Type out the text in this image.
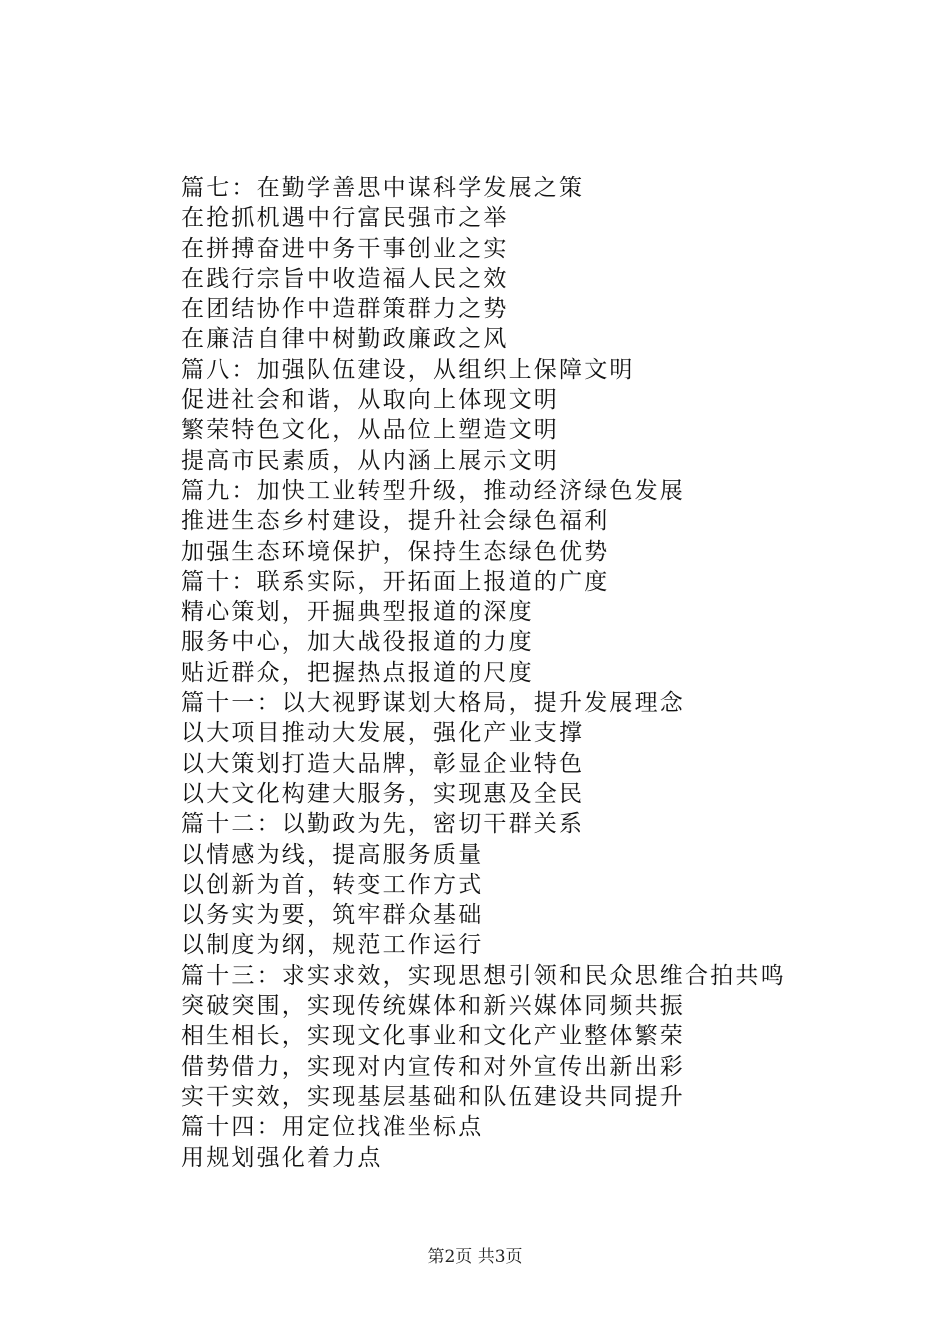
篇七：在勤学善思中谋科学发展之策
在抢抓机遇中行富民强市之举
在拼搏奋进中务干事创业之实
在践行宗旨中收造福人民之效
在团结协作中造群策群力之势
在廉洁自律中树勤政廉政之风
篇八：加强队伍建设，从组织上保障文明
促进社会和谐，从取向上体现文明
繁荣特色文化，从品位上塑造文明
提高市民素质，从内涵上展示文明
篇九：加快工业转型升级，推动经济绿色发展
推进生态乡村建设，提升社会绿色福利
加强生态环境保护，保持生态绿色优势
篇十：联系实际，开拓面上报道的广度
精心策划，开掘典型报道的深度
服务中心，加大战役报道的力度
贴近群众，把握热点报道的尺度
篇十一：以大视野谋划大格局，提升发展理念
以大项目推动大发展，强化产业支撑
以大策划打造大品牌，彰显企业特色
以大文化构建大服务，实现惠及全民
篇十二：以勤政为先，密切干群关系
以情感为线，提高服务质量
以创新为首，转变工作方式
以务实为要，筑牢群众基础
以制度为纲，规范工作运行
篇十三：求实求效，实现思想引领和民众思维合拍共鸣
突破突围，实现传统媒体和新兴媒体同频共振
相生相长，实现文化事业和文化产业整体繁荣
借势借力，实现对内宣传和对外宣传出新出彩
实干实效，实现基层基础和队伍建设共同提升
篇十四：用定位找准坐标点
用规划强化着力点
第2页 共3页
